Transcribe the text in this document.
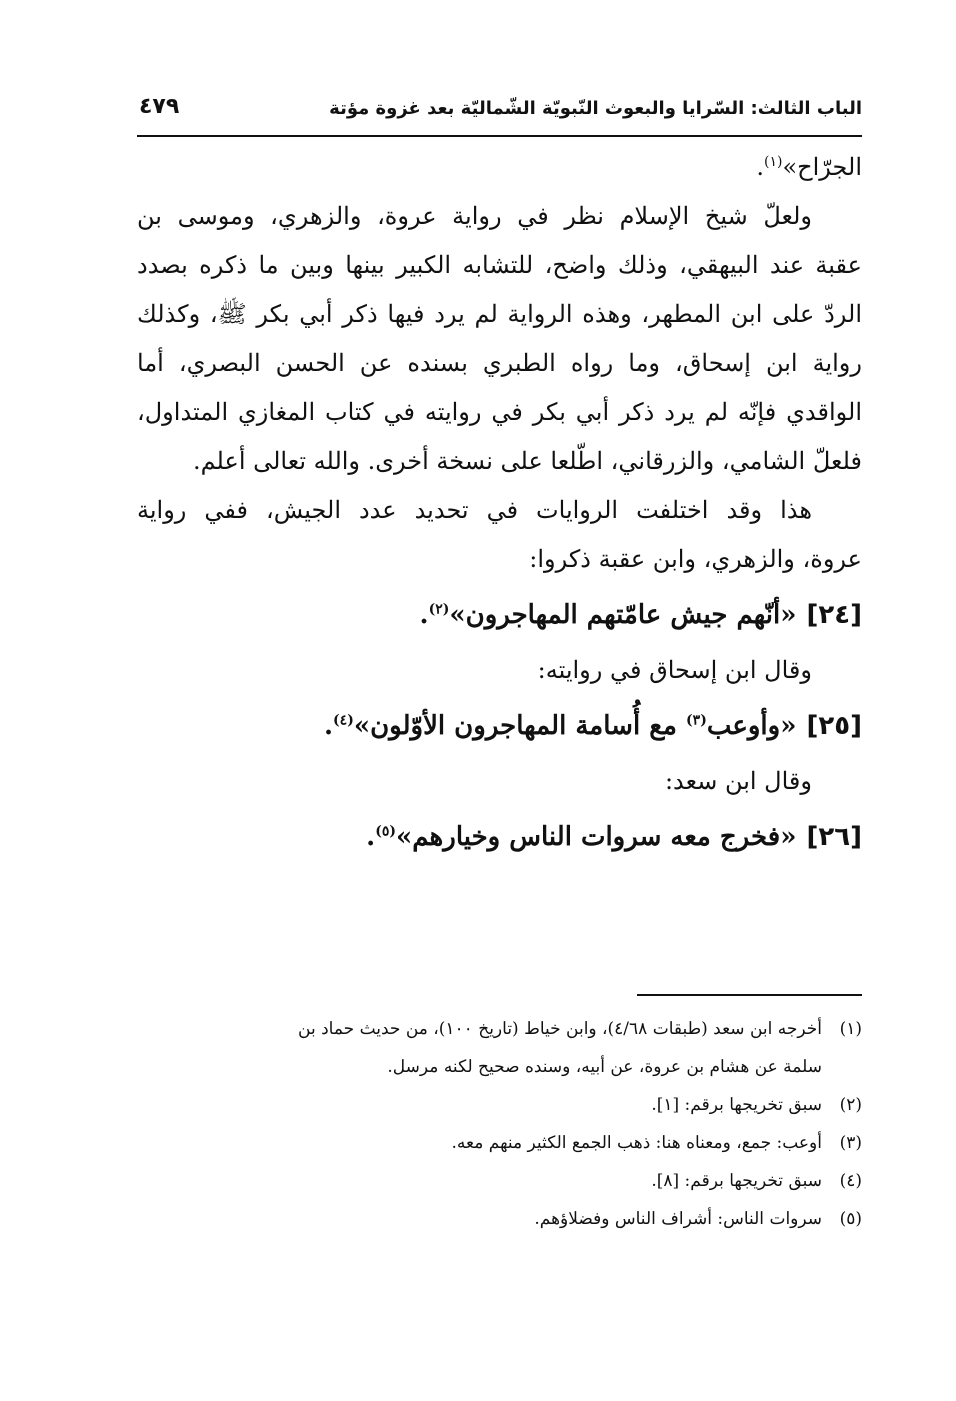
الباب الثالث: السّرايا والبعوث النّبويّة الشّماليّة بعد غزوة مؤتة
٤٧٩
الجرّاح»$^{(١)}$.
ولعلّ شيخ الإسلام نظر في رواية عروة، والزهري، وموسى بن
عقبة عند البيهقي، وذلك واضح، للتشابه الكبير بينها وبين ما ذكره بصدد
الردّ على ابن المطهر، وهذه الرواية لم يرد فيها ذكر أبي بكر ﷺ، وكذلك
رواية ابن إسحاق، وما رواه الطبري بسنده عن الحسن البصري، أما
الواقدي فإنّه لم يرد ذكر أبي بكر في روايته في كتاب المغازي المتداول،
فلعلّ الشامي، والزرقاني، اطّلعا على نسخة أخرى. والله تعالى أعلم.
هذا وقد اختلفت الروايات في تحديد عدد الجيش، ففي رواية
عروة، والزهري، وابن عقبة ذكروا:
[٢٤]«أنّهم جيش عامّتهم المهاجرون»$^{(٢)}$.
وقال ابن إسحاق في روايته:
[٢٥]«وأوعب$^{(٣)}$ مع أُسامة المهاجرون الأوّلون»$^{(٤)}$.
وقال ابن سعد:
[٢٦]«فخرج معه سروات الناس وخيارهم»$^{(٥)}$.
(١)أخرجه ابن سعد (طبقات ٤/٦٨)، وابن خياط (تاريخ ١٠٠)، من حديث حماد بن
سلمة عن هشام بن عروة، عن أبيه، وسنده صحيح لكنه مرسل.
(٢)سبق تخريجها برقم: [١].
(٣)أوعب: جمع، ومعناه هنا: ذهب الجمع الكثير منهم معه.
(٤)سبق تخريجها برقم: [٨].
(٥)سروات الناس: أشراف الناس وفضلاؤهم.
